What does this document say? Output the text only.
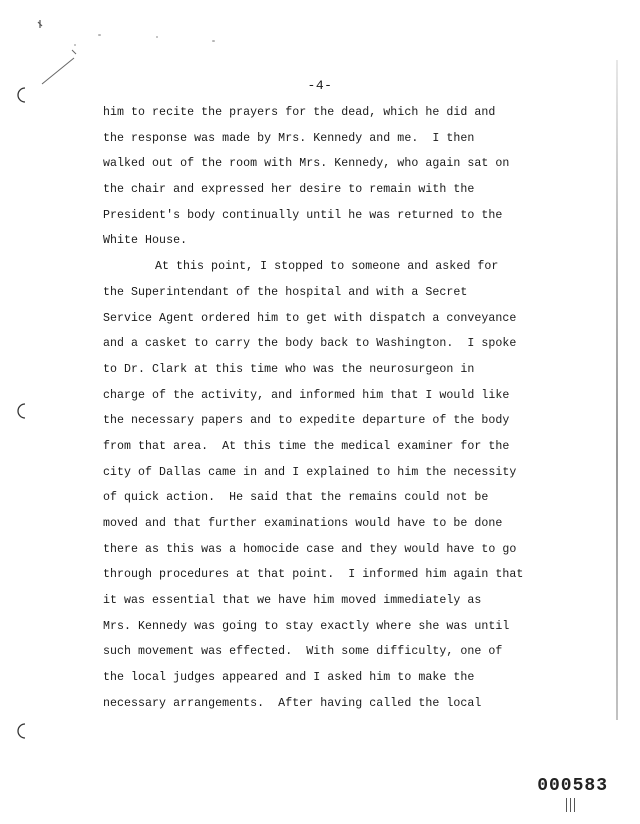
-4-
him to recite the prayers for the dead, which he did and
the response was made by Mrs. Kennedy and me.  I then
walked out of the room with Mrs. Kennedy, who again sat on
the chair and expressed her desire to remain with the
President's body continually until he was returned to the
White House.
At this point, I stopped to someone and asked for
the Superintendant of the hospital and with a Secret
Service Agent ordered him to get with dispatch a conveyance
and a casket to carry the body back to Washington.  I spoke
to Dr. Clark at this time who was the neurosurgeon in
charge of the activity, and informed him that I would like
the necessary papers and to expedite departure of the body
from that area.  At this time the medical examiner for the
city of Dallas came in and I explained to him the necessity
of quick action.  He said that the remains could not be
moved and that further examinations would have to be done
there as this was a homocide case and they would have to go
through procedures at that point.  I informed him again that
it was essential that we have him moved immediately as
Mrs. Kennedy was going to stay exactly where she was until
such movement was effected.  With some difficulty, one of
the local judges appeared and I asked him to make the
necessary arrangements.  After having called the local
000583
